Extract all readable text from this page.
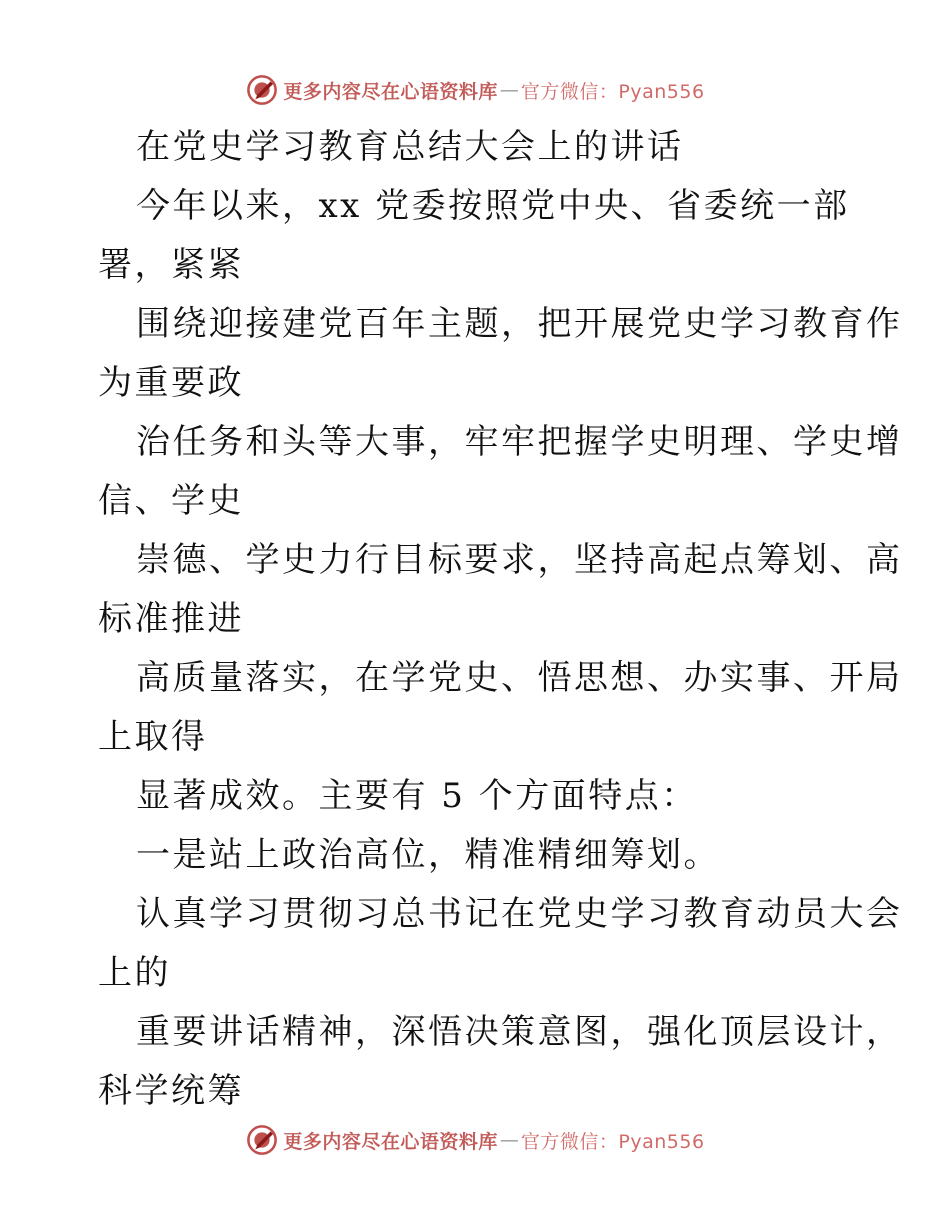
更多内容尽在心语资料库 — 官方微信：Pyan556
在党史学习教育总结大会上的讲话
今年以来，xx 党委按照党中央、省委统一部
署，紧紧
围绕迎接建党百年主题，把开展党史学习教育作
为重要政
治任务和头等大事，牢牢把握学史明理、学史增
信、学史
崇德、学史力行目标要求，坚持高起点筹划、高
标准推进
高质量落实，在学党史、悟思想、办实事、开局
上取得
显著成效。主要有 5 个方面特点：
一是站上政治高位，精准精细筹划。
认真学习贯彻习总书记在党史学习教育动员大会
上的
重要讲话精神，深悟决策意图，强化顶层设计，
科学统筹
更多内容尽在心语资料库 — 官方微信：Pyan556
